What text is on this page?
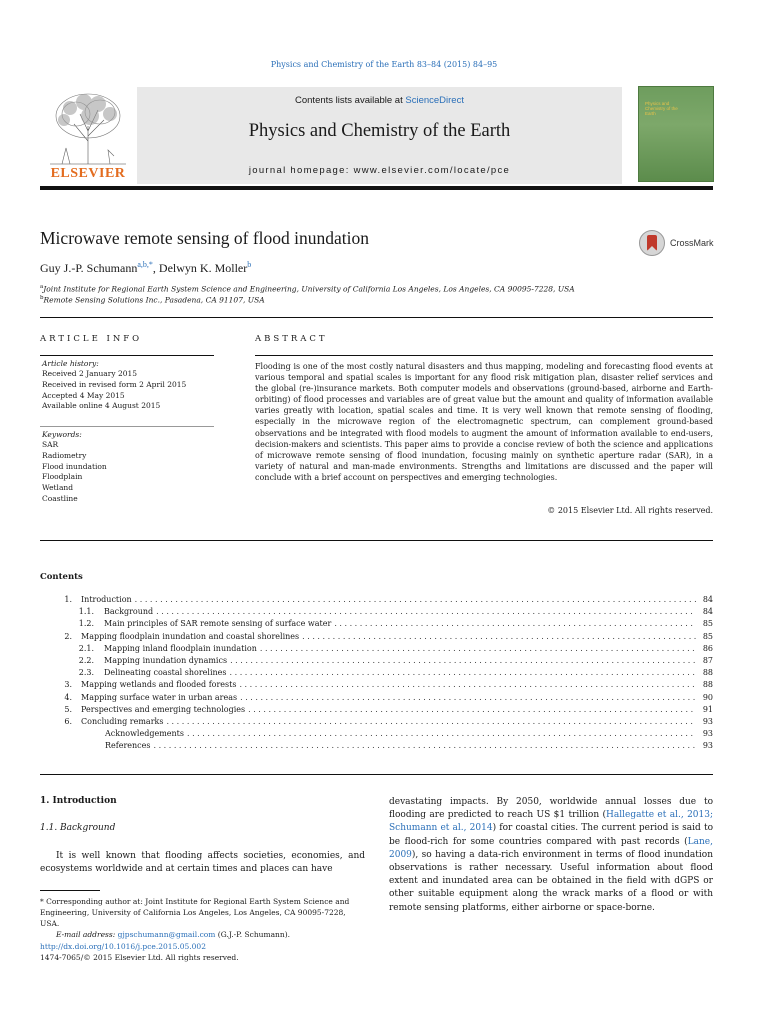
Physics and Chemistry of the Earth 83–84 (2015) 84–95
ELSEVIER
Contents lists available at ScienceDirect
Physics and Chemistry of the Earth
journal homepage: www.elsevier.com/locate/pce
Physics and Chemistry of the Earth
Microwave remote sensing of flood inundation	CrossMark
Guy J.-P. Schumann$^{a,b,*}$, Delwyn K. Moller$^b$
$^a$Joint Institute for Regional Earth System Science and Engineering, University of California Los Angeles, Los Angeles, CA 90095-7228, USA
$^b$Remote Sensing Solutions Inc., Pasadena, CA 91107, USA
ARTICLE INFO	ABSTRACT
Article history:
Received 2 January 2015
Received in revised form 2 April 2015
Accepted 4 May 2015
Available online 4 August 2015
Keywords:
SAR
Radiometry
Flood inundation
Floodplain
Wetland
Coastline
Flooding is one of the most costly natural disasters and thus mapping, modeling and forecasting flood events at various temporal and spatial scales is important for any flood risk mitigation plan, disaster relief services and the global (re-)insurance markets. Both computer models and observations (ground-based, airborne and Earth-orbiting) of flood processes and variables are of great value but the amount and quality of information available varies greatly with location, spatial scales and time. It is very well known that remote sensing of flooding, especially in the microwave region of the electromagnetic spectrum, can complement ground-based observations and be integrated with flood models to augment the amount of information available to end-users, decision-makers and scientists. This paper aims to provide a concise review of both the science and applications of microwave remote sensing of flood inundation, focusing mainly on synthetic aperture radar (SAR), in a variety of natural and man-made environments. Strengths and limitations are discussed and the paper will conclude with a brief account on perspectives and emerging technologies.
© 2015 Elsevier Ltd. All rights reserved.
Contents
1.	Introduction . . .	84
1.1.	Background . . .	84
1.2.	Main principles of SAR remote sensing of surface water . . .	85
2.	Mapping floodplain inundation and coastal shorelines . . .	85
2.1.	Mapping inland floodplain inundation . . .	86
2.2.	Mapping inundation dynamics . . .	87
2.3.	Delineating coastal shorelines . . .	88
3.	Mapping wetlands and flooded forests . . .	88
4.	Mapping surface water in urban areas . . .	90
5.	Perspectives and emerging technologies . . .	91
6.	Concluding remarks . . .	93
Acknowledgements . . .	93
References . . .	93
1. Introduction
1.1. Background
It is well known that flooding affects societies, economies, and ecosystems worldwide and at certain times and places can have
devastating impacts. By 2050, worldwide annual losses due to flooding are predicted to reach US $1 trillion (Hallegatte et al., 2013; Schumann et al., 2014) for coastal cities. The current period is said to be flood-rich for some countries compared with past records (Lane, 2009), so having a data-rich environment in terms of flood inundation observations is rather necessary. Useful information about flood extent and inundated area can be obtained in the field with dGPS or other suitable equipment along the wrack marks of a flood or with remote sensing platforms, either airborne or space-borne.
* Corresponding author at: Joint Institute for Regional Earth System Science and Engineering, University of California Los Angeles, Los Angeles, CA 90095-7228, USA.
E-mail address: gjpschumann@gmail.com (G.J.-P. Schumann).
http://dx.doi.org/10.1016/j.pce.2015.05.002
1474-7065/© 2015 Elsevier Ltd. All rights reserved.
